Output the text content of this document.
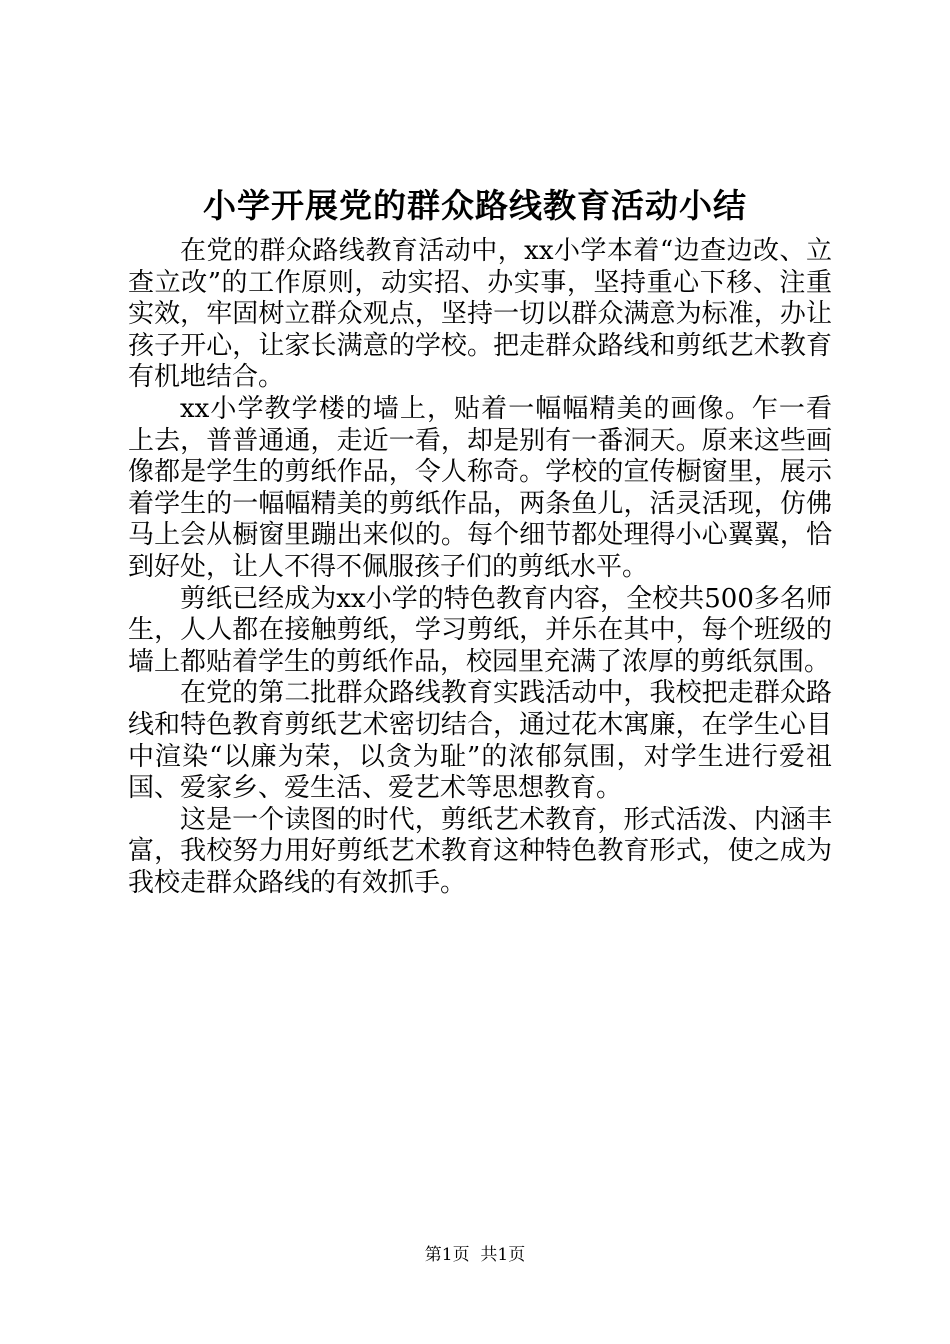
小学开展党的群众路线教育活动小结

在党的群众路线教育活动中，xx小学本着“边查边改、立查立改”的工作原则，动实招、办实事，坚持重心下移、注重实效，牢固树立群众观点，坚持一切以群众满意为标准，办让孩子开心，让家长满意的学校。把走群众路线和剪纸艺术教育有机地结合。

xx小学教学楼的墙上，贴着一幅幅精美的画像。乍一看上去，普普通通，走近一看，却是别有一番洞天。原来这些画像都是学生的剪纸作品，令人称奇。学校的宣传橱窗里，展示着学生的一幅幅精美的剪纸作品，两条鱼儿，活灵活现，仿佛马上会从橱窗里蹦出来似的。每个细节都处理得小心翼翼，恰到好处，让人不得不佩服孩子们的剪纸水平。

剪纸已经成为xx小学的特色教育内容，全校共500多名师生，人人都在接触剪纸，学习剪纸，并乐在其中，每个班级的墙上都贴着学生的剪纸作品，校园里充满了浓厚的剪纸氛围。

在党的第二批群众路线教育实践活动中，我校把走群众路线和特色教育剪纸艺术密切结合，通过花木寓廉，在学生心目中渲染“以廉为荣，以贪为耻”的浓郁氛围，对学生进行爱祖国、爱家乡、爱生活、爱艺术等思想教育。

这是一个读图的时代，剪纸艺术教育，形式活泼、内涵丰富，我校努力用好剪纸艺术教育这种特色教育形式，使之成为我校走群众路线的有效抓手。

第1页 共1页
